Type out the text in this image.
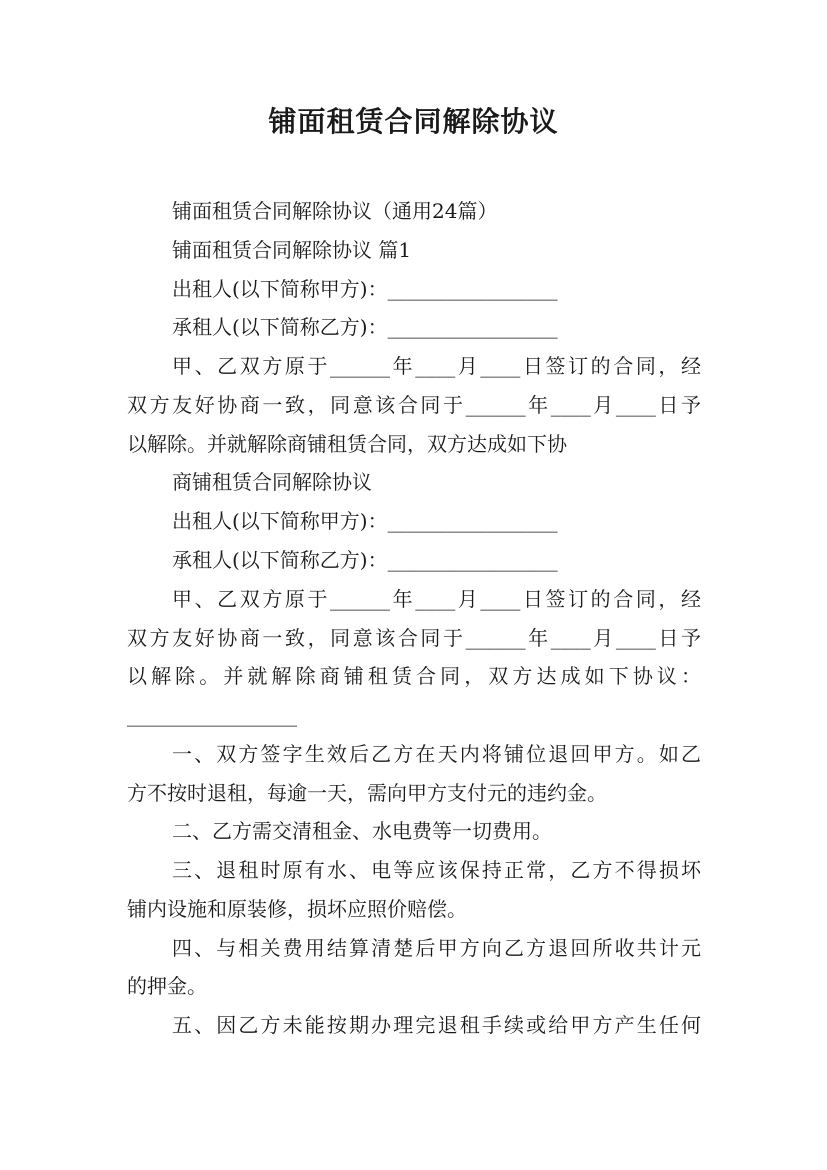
铺面租赁合同解除协议
铺面租赁合同解除协议（通用24篇）
铺面租赁合同解除协议 篇1
出租人(以下简称甲方)：_________________
承租人(以下简称乙方)：_________________
甲、乙双方原于______年____月____日签订的合同，经
双方友好协商一致，同意该合同于______年____月____日予
以解除。并就解除商铺租赁合同，双方达成如下协
商铺租赁合同解除协议
出租人(以下简称甲方)：_________________
承租人(以下简称乙方)：_________________
甲、乙双方原于______年____月____日签订的合同，经
双方友好协商一致，同意该合同于______年____月____日予
以解除。并就解除商铺租赁合同，双方达成如下协议：
_________________
一、双方签字生效后乙方在天内将铺位退回甲方。如乙
方不按时退租，每逾一天，需向甲方支付元的违约金。
二、乙方需交清租金、水电费等一切费用。
三、退租时原有水、电等应该保持正常，乙方不得损坏
铺内设施和原装修，损坏应照价赔偿。
四、与相关费用结算清楚后甲方向乙方退回所收共计元
的押金。
五、因乙方未能按期办理完退租手续或给甲方产生任何
